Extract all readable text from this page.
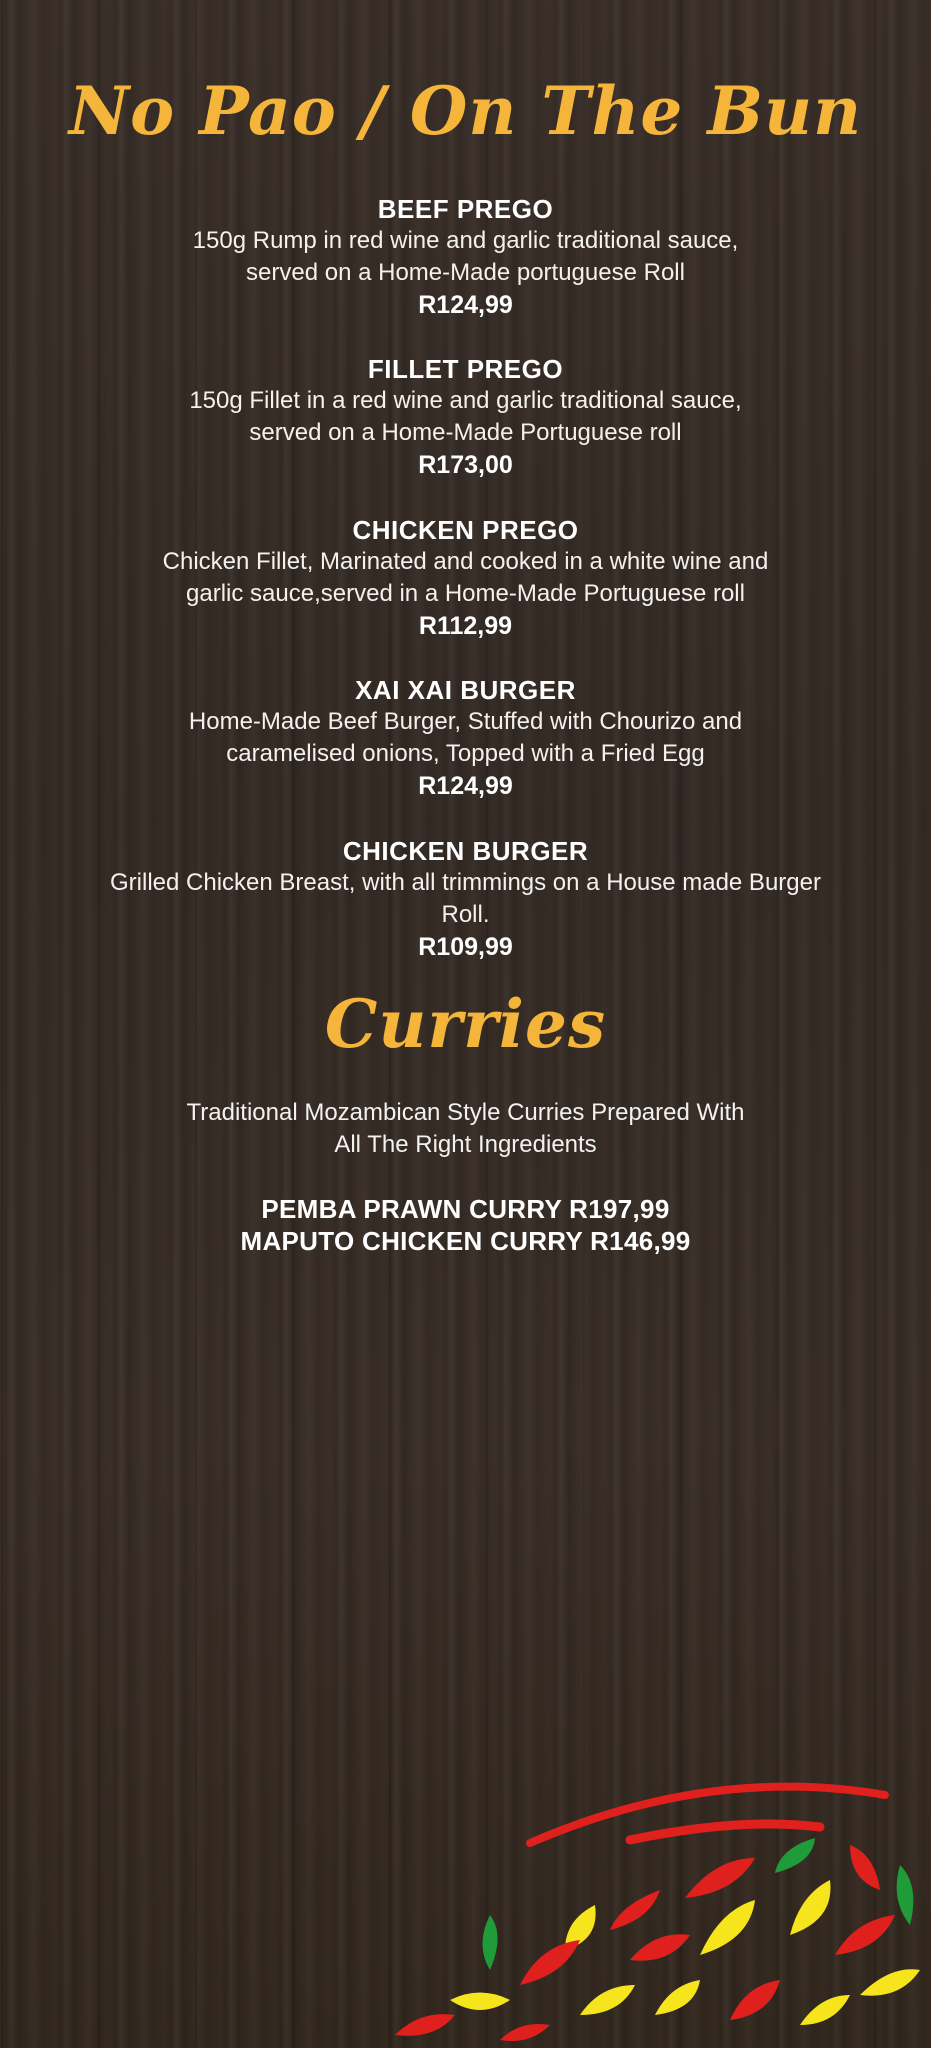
No Pao / On The Bun
BEEF PREGO
150g Rump in red wine and garlic traditional sauce,
served on a Home-Made portuguese Roll
R124,99
FILLET PREGO
150g Fillet in a red wine and garlic traditional sauce,
served on a Home-Made Portuguese roll
R173,00
CHICKEN PREGO
Chicken Fillet, Marinated and cooked in a white wine and
garlic sauce,served in a Home-Made Portuguese roll
R112,99
XAI XAI BURGER
Home-Made Beef Burger, Stuffed with Chourizo and
caramelised onions, Topped with a Fried Egg
R124,99
CHICKEN BURGER
Grilled Chicken Breast, with all trimmings on a House made Burger
Roll.
R109,99
Curries
Traditional Mozambican Style Curries Prepared With
All The Right Ingredients
PEMBA PRAWN CURRY R197,99
MAPUTO CHICKEN CURRY R146,99
